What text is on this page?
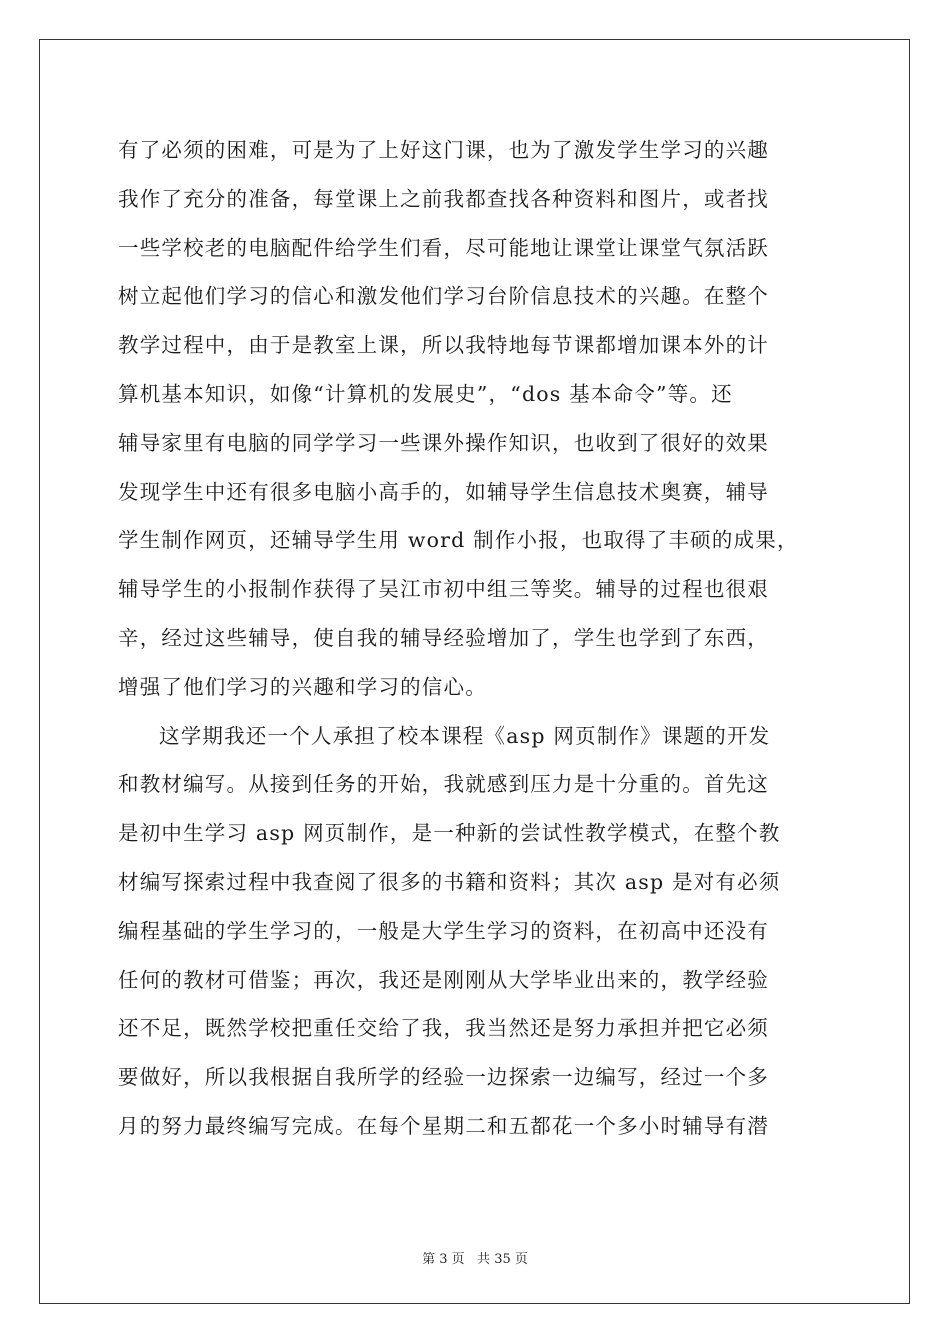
有了必须的困难，可是为了上好这门课，也为了激发学生学习的兴趣
我作了充分的准备，每堂课上之前我都查找各种资料和图片，或者找
一些学校老的电脑配件给学生们看，尽可能地让课堂让课堂气氛活跃
树立起他们学习的信心和激发他们学习台阶信息技术的兴趣。在整个
教学过程中，由于是教室上课，所以我特地每节课都增加课本外的计
算机基本知识，如像“计算机的发展史”，“dos 基本命令”等。还
辅导家里有电脑的同学学习一些课外操作知识，也收到了很好的效果
发现学生中还有很多电脑小高手的，如辅导学生信息技术奥赛，辅导
学生制作网页，还辅导学生用 word 制作小报，也取得了丰硕的成果，
辅导学生的小报制作获得了吴江市初中组三等奖。辅导的过程也很艰
辛，经过这些辅导，使自我的辅导经验增加了，学生也学到了东西，
增强了他们学习的兴趣和学习的信心。
这学期我还一个人承担了校本课程《asp 网页制作》课题的开发
和教材编写。从接到任务的开始，我就感到压力是十分重的。首先这
是初中生学习 asp 网页制作，是一种新的尝试性教学模式，在整个教
材编写探索过程中我查阅了很多的书籍和资料；其次 asp 是对有必须
编程基础的学生学习的，一般是大学生学习的资料，在初高中还没有
任何的教材可借鉴；再次，我还是刚刚从大学毕业出来的，教学经验
还不足，既然学校把重任交给了我，我当然还是努力承担并把它必须
要做好，所以我根据自我所学的经验一边探索一边编写，经过一个多
月的努力最终编写完成。在每个星期二和五都花一个多小时辅导有潜
第 3 页   共 35 页
